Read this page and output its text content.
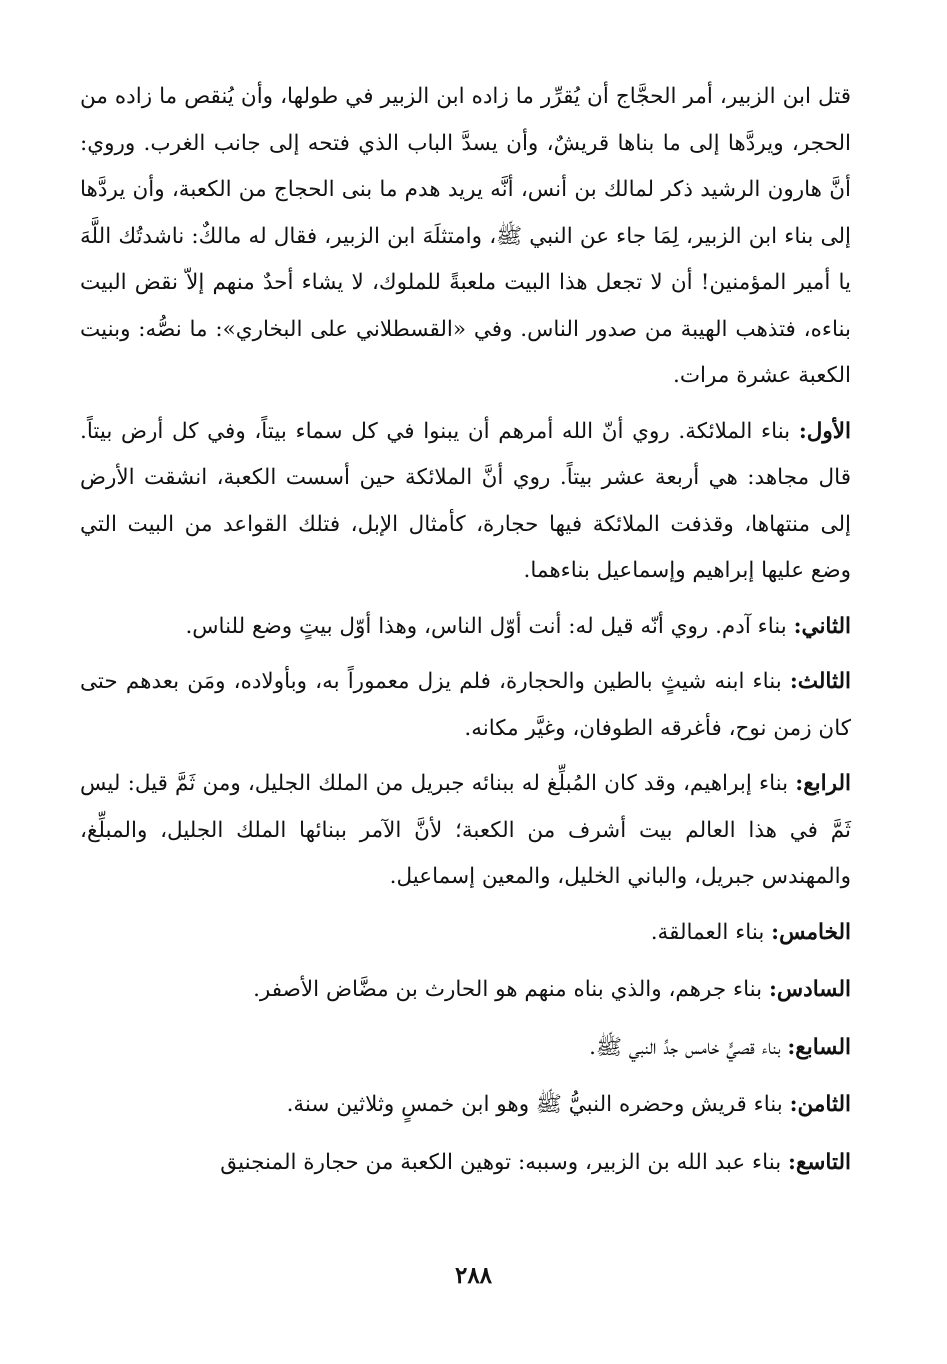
قتل ابن الزبير، أمر الحجَّاج أن يُقرِّر ما زاده ابن الزبير في طولها، وأن يُنقص ما زاده من الحجر، ويردَّها إلى ما بناها قريشٌ، وأن يسدَّ الباب الذي فتحه إلى جانب الغرب. وروي: أنَّ هارون الرشيد ذكر لمالك بن أنس، أنَّه يريد هدم ما بنى الحجاج من الكعبة، وأن يردَّها إلى بناء ابن الزبير، لِمَا جاء عن النبي ﷺ، وامتثلَهَ ابن الزبير، فقال له مالكٌ: ناشدتُك اللَّهَ يا أمير المؤمنين! أن لا تجعل هذا البيت ملعبةً للملوك، لا يشاء أحدٌ منهم إلاّ نقض البيت بناءه، فتذهب الهيبة من صدور الناس. وفي «القسطلاني على البخاري»: ما نصُّه: وبنيت الكعبة عشرة مرات.

الأول: بناء الملائكة. روي أنّ الله أمرهم أن يبنوا في كل سماء بيتاً، وفي كل أرض بيتاً. قال مجاهد: هي أربعة عشر بيتاً. روي أنَّ الملائكة حين أسست الكعبة، انشقت الأرض إلى منتهاها، وقذفت الملائكة فيها حجارة، كأمثال الإبل، فتلك القواعد من البيت التي وضع عليها إبراهيم وإسماعيل بناءهما.

الثاني: بناء آدم. روي أنّه قيل له: أنت أوّل الناس، وهذا أوّل بيتٍ وضع للناس.

الثالث: بناء ابنه شيثٍ بالطين والحجارة، فلم يزل معموراً به، وبأولاده، ومَن بعدهم حتى كان زمن نوح، فأغرقه الطوفان، وغيَّر مكانه.

الرابع: بناء إبراهيم، وقد كان المُبلِّغ له ببنائه جبريل من الملك الجليل، ومن ثَمَّ قيل: ليس ثَمَّ في هذا العالم بيت أشرف من الكعبة؛ لأنَّ الآمر ببنائها الملك الجليل، والمبلِّغ، والمهندس جبريل، والباني الخليل، والمعين إسماعيل.

الخامس: بناء العمالقة.

السادس: بناء جرهم، والذي بناه منهم هو الحارث بن مضَّاض الأصفر.

السابع: بناء قصيٍّ خامس جدِّ النبي ﷺ.

الثامن: بناء قريش وحضره النبيُّ ﷺ وهو ابن خمسٍ وثلاثين سنة.

التاسع: بناء عبد الله بن الزبير، وسببه: توهين الكعبة من حجارة المنجنيق

٢٨٨
